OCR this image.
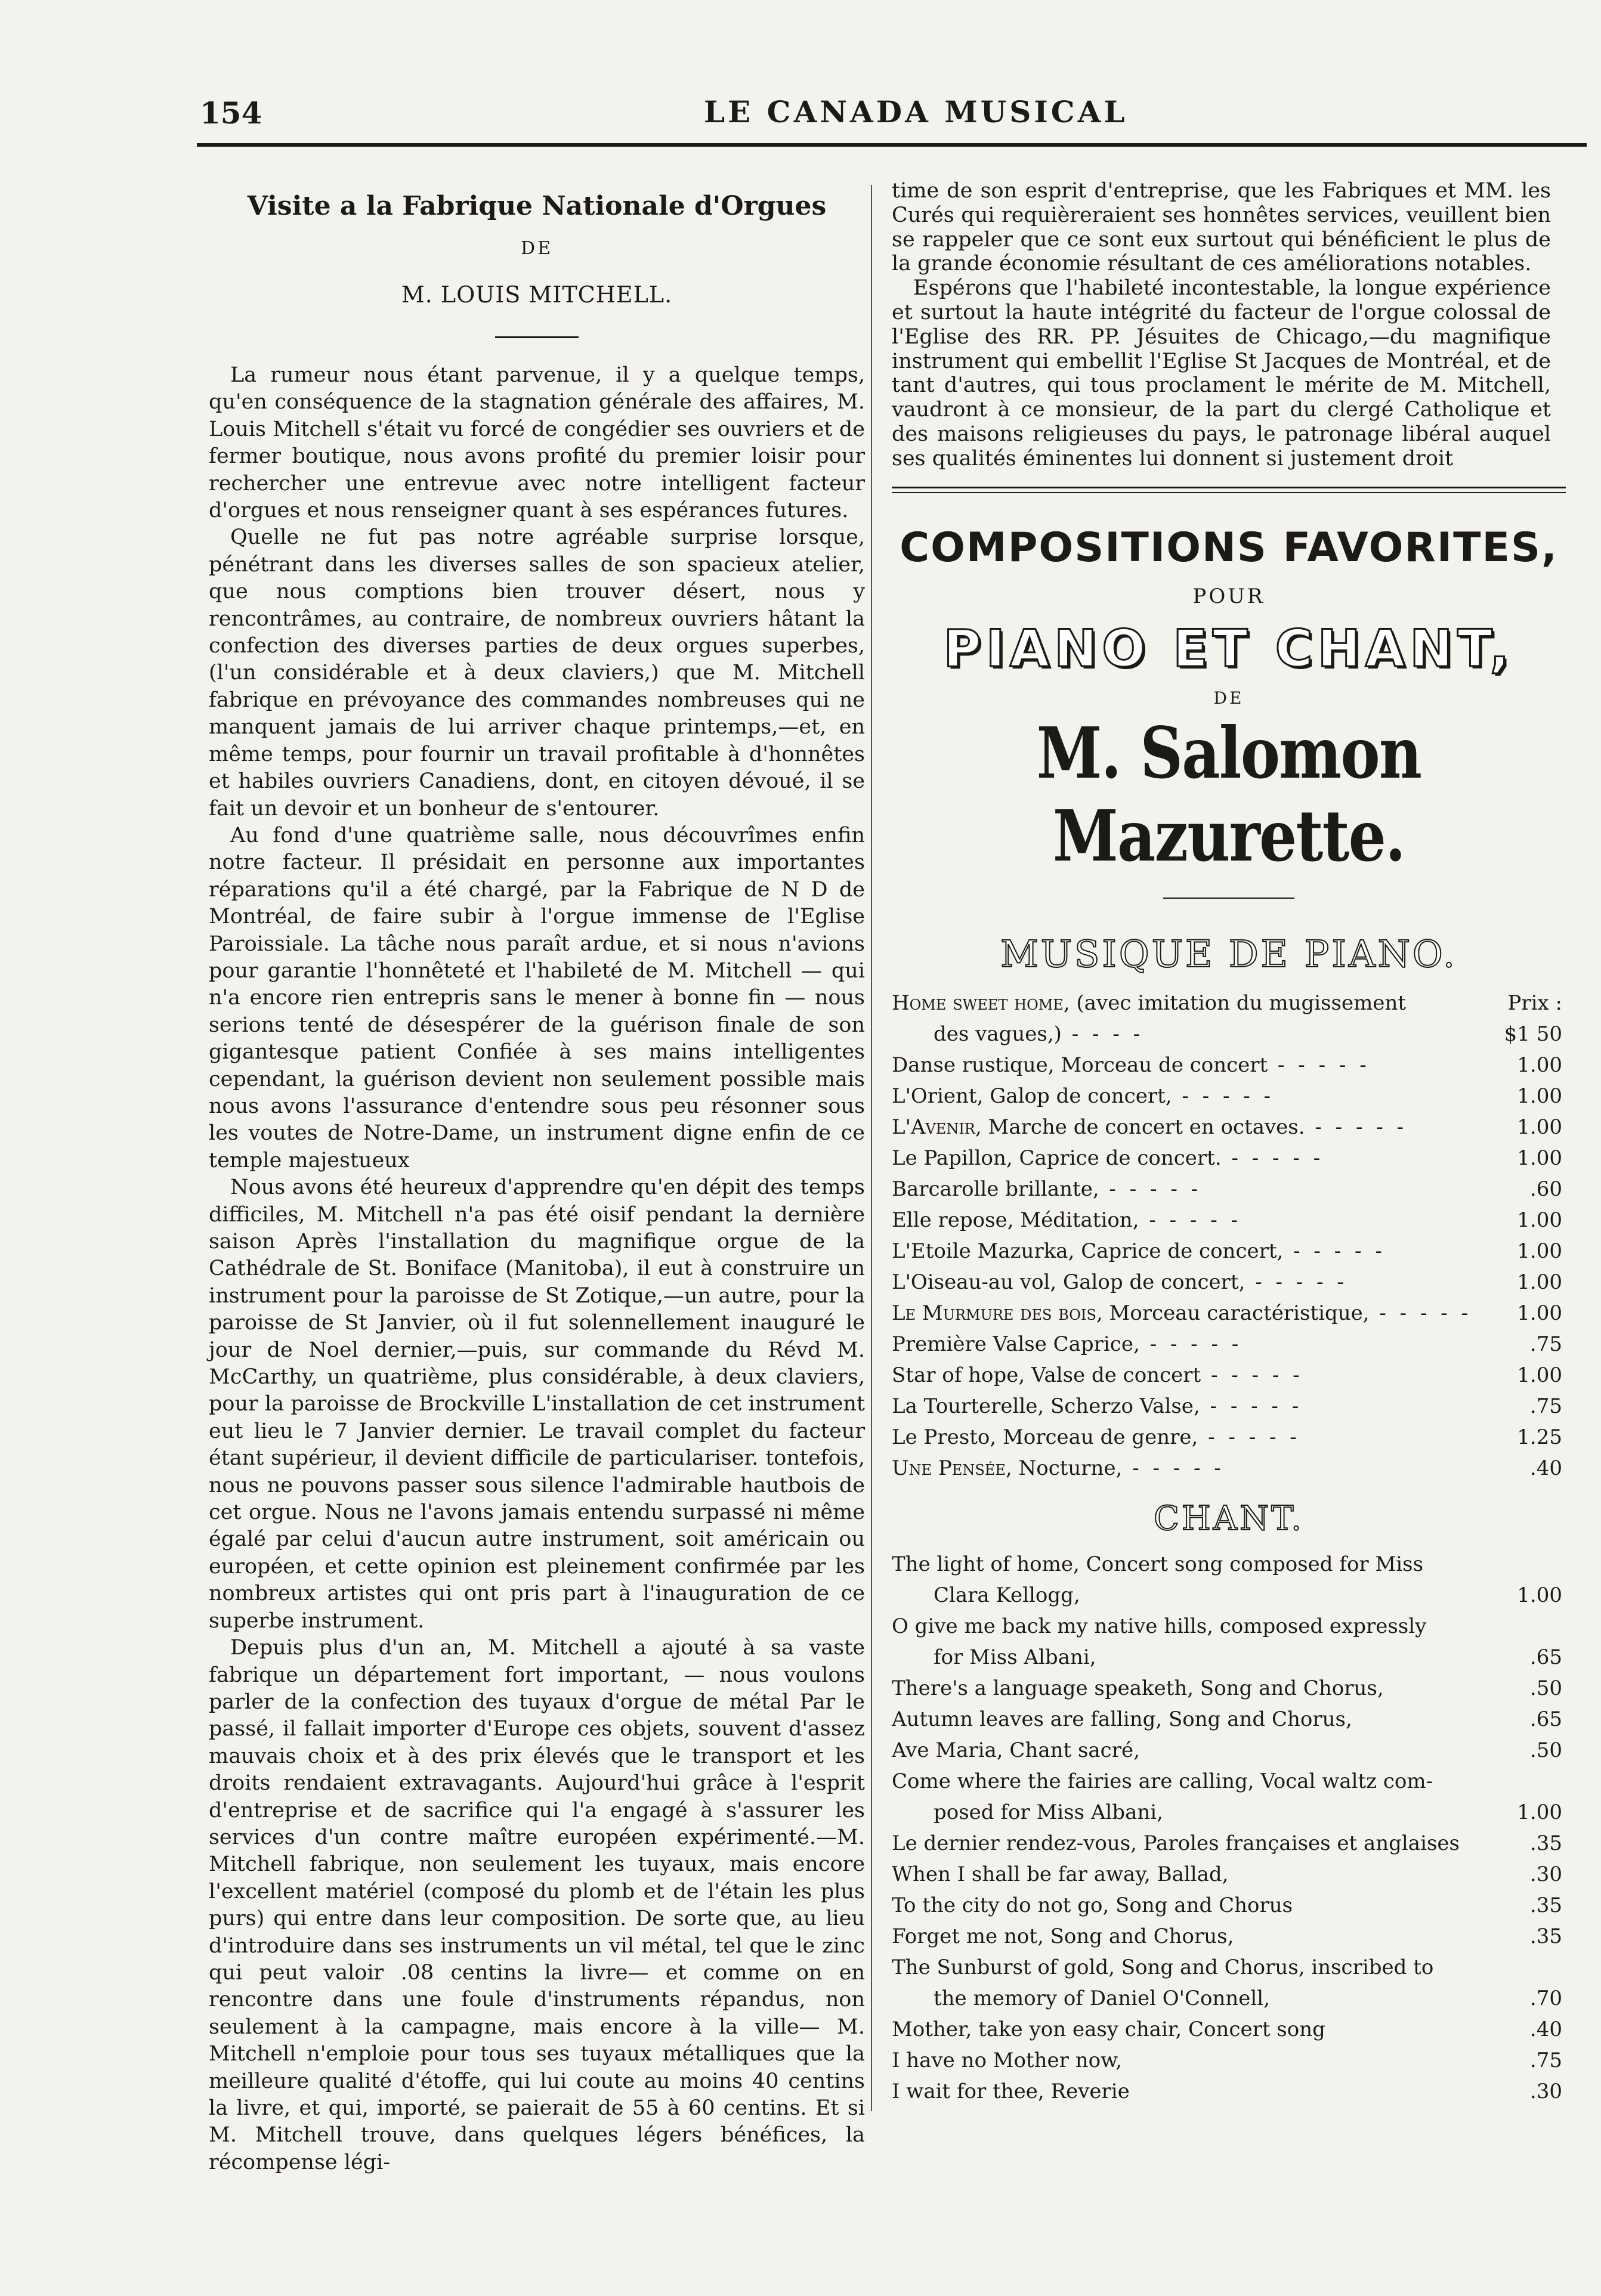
154	LE CANADA MUSICAL
Visite a la Fabrique Nationale d'Orgues
DE
M. LOUIS MITCHELL.

La rumeur nous étant parvenue, il y a quelque temps, qu'en conséquence de la stagnation générale des affaires, M. Louis Mitchell s'était vu forcé de congédier ses ouvriers et de fermer boutique, nous avons profité du premier loisir pour rechercher une entrevue avec notre intelligent facteur d'orgues et nous renseigner quant à ses espérances futures.

Quelle ne fut pas notre agréable surprise lorsque, pénétrant dans les diverses salles de son spacieux atelier, que nous comptions bien trouver désert, nous y rencontrâmes, au contraire, de nombreux ouvriers hâtant la confection des diverses parties de deux orgues superbes, (l'un considérable et à deux claviers,) que M. Mitchell fabrique en prévoyance des commandes nombreuses qui ne manquent jamais de lui arriver chaque printemps,—et, en même temps, pour fournir un travail profitable à d'honnêtes et habiles ouvriers Canadiens, dont, en citoyen dévoué, il se fait un devoir et un bonheur de s'entourer.

Au fond d'une quatrième salle, nous découvrîmes enfin notre facteur. Il présidait en personne aux importantes réparations qu'il a été chargé, par la Fabrique de N D de Montréal, de faire subir à l'orgue immense de l'Eglise Paroissiale. La tâche nous paraît ardue, et si nous n'avions pour garantie l'honnêteté et l'habileté de M. Mitchell — qui n'a encore rien entrepris sans le mener à bonne fin — nous serions tenté de désespérer de la guérison finale de son gigantesque patient Confiée à ses mains intelligentes cependant, la guérison devient non seulement possible mais nous avons l'assurance d'entendre sous peu résonner sous les voutes de Notre-Dame, un instrument digne enfin de ce temple majestueux

Nous avons été heureux d'apprendre qu'en dépit des temps difficiles, M. Mitchell n'a pas été oisif pendant la dernière saison Après l'installation du magnifique orgue de la Cathédrale de St. Boniface (Manitoba), il eut à construire un instrument pour la paroisse de St Zotique,—un autre, pour la paroisse de St Janvier, où il fut solennellement inauguré le jour de Noel dernier,—puis, sur commande du Révd M. McCarthy, un quatrième, plus considérable, à deux claviers, pour la paroisse de Brockville L'installation de cet instrument eut lieu le 7 Janvier dernier. Le travail complet du facteur étant supérieur, il devient difficile de particulariser. tontefois, nous ne pouvons passer sous silence l'admirable hautbois de cet orgue. Nous ne l'avons jamais entendu surpassé ni même égalé par celui d'aucun autre instrument, soit américain ou européen, et cette opinion est pleinement confirmée par les nombreux artistes qui ont pris part à l'inauguration de ce superbe instrument.

Depuis plus d'un an, M. Mitchell a ajouté à sa vaste fabrique un département fort important, — nous voulons parler de la confection des tuyaux d'orgue de métal Par le passé, il fallait importer d'Europe ces objets, souvent d'assez mauvais choix et à des prix élevés que le transport et les droits rendaient extravagants. Aujourd'hui grâce à l'esprit d'entreprise et de sacrifice qui l'a engagé à s'assurer les services d'un contre maître européen expérimenté.—M. Mitchell fabrique, non seulement les tuyaux, mais encore l'excellent matériel (composé du plomb et de l'étain les plus purs) qui entre dans leur composition. De sorte que, au lieu d'introduire dans ses instruments un vil métal, tel que le zinc qui peut valoir .08 centins la livre— et comme on en rencontre dans une foule d'instruments répandus, non seulement à la campagne, mais encore à la ville— M. Mitchell n'emploie pour tous ses tuyaux métalliques que la meilleure qualité d'étoffe, qui lui coute au moins 40 centins la livre, et qui, importé, se paierait de 55 à 60 centins. Et si M. Mitchell trouve, dans quelques légers bénéfices, la récompense légi-

time de son esprit d'entreprise, que les Fabriques et MM. les Curés qui requièreraient ses honnêtes services, veuillent bien se rappeler que ce sont eux surtout qui bénéficient le plus de la grande économie résultant de ces améliorations notables.

Espérons que l'habileté incontestable, la longue expérience et surtout la haute intégrité du facteur de l'orgue colossal de l'Eglise des RR. PP. Jésuites de Chicago,—du magnifique instrument qui embellit l'Eglise St Jacques de Montréal, et de tant d'autres, qui tous proclament le mérite de M. Mitchell, vaudront à ce monsieur, de la part du clergé Catholique et des maisons religieuses du pays, le patronage libéral auquel ses qualités éminentes lui donnent si justement droit

COMPOSITIONS FAVORITES,
POUR
PIANO ET CHANT,
DE
M. Salomon Mazurette.
MUSIQUE DE PIANO.
Prix :
Home sweet home, (avec imitation du mugissement
des vagues,) - -	$1 50
Danse rustique, Morceau de concert - -	1.00
L'Orient, Galop de concert, - -	1.00
L'Avenir, Marche de concert en octaves. - -	1.00
Le Papillon, Caprice de concert. - -	1.00
Barcarolle brillante, - -	.60
Elle repose, Méditation, - -	1.00
L'Etoile Mazurka, Caprice de concert, - -	1.00
L'Oiseau-au vol, Galop de concert, - -	1.00
Le Murmure des bois, Morceau caractéristique, - -	1.00
Première Valse Caprice, - -	.75
Star of hope, Valse de concert - -	1.00
La Tourterelle, Scherzo Valse, - -	.75
Le Presto, Morceau de genre, - -	1.25
Une Pensée, Nocturne, - -	.40
CHANT.
The light of home, Concert song composed for Miss
Clara Kellogg,	1.00
O give me back my native hills, composed expressly
for Miss Albani,	.65
There's a language speaketh, Song and Chorus,	.50
Autumn leaves are falling, Song and Chorus,	.65
Ave Maria, Chant sacré,	.50
Come where the fairies are calling, Vocal waltz com-
posed for Miss Albani,	1.00
Le dernier rendez-vous, Paroles françaises et anglaises	.35
When I shall be far away, Ballad,	.30
To the city do not go, Song and Chorus	.35
Forget me not, Song and Chorus,	.35
The Sunburst of gold, Song and Chorus, inscribed to
the memory of Daniel O'Connell,	.70
Mother, take yon easy chair, Concert song	.40
I have no Mother now,	.75
I wait for thee, Reverie	.30
